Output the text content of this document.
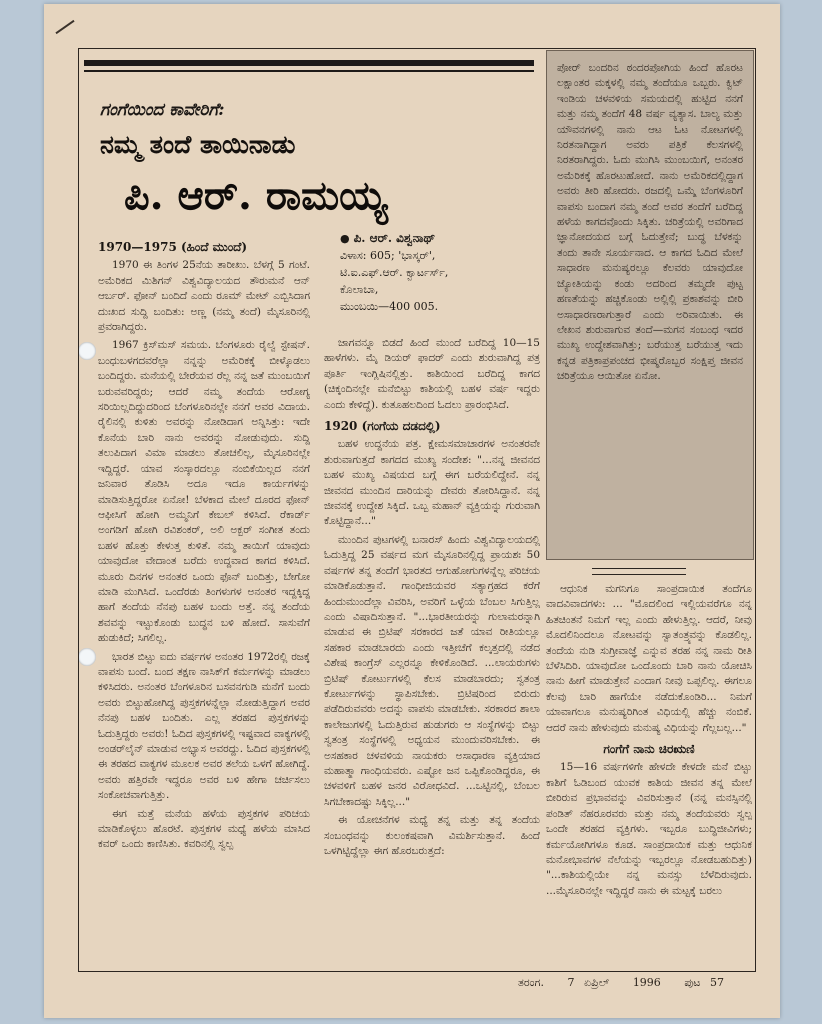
ಗಂಗೆಯಿಂದ ಕಾವೇರಿಗೆ:

ನಮ್ಮ ತಂದೆ ತಾಯಿನಾಡು

ಪಿ. ಆರ್. ರಾಮಯ್ಯ

● ಪಿ. ಆರ್. ವಿಶ್ವನಾಥ್
ವಿಳಾಸ: 605; 'ಭಾಸ್ಕರ್',
ಟಿ.ಐ.ಎಫ್.ಆರ್. ಕ್ವಾರ್ಟರ್ಸ್,
ಕೊಲಾಬಾ,
ಮುಂಬಯಿ—400 005.

1970—1975 (ಹಿಂದೆ ಮುಂದೆ)

1970 ಈ ತಿಂಗಳ 25ನೆಯ ತಾರೀಖು. ಬೆಳಗ್ಗೆ 5 ಗಂಟೆ. ಅಮೆರಿಕದ ಮಿಶಿಗನ್ ವಿಶ್ವವಿದ್ಯಾಲಯದ ತೌರುಮನೆ ಆನ್ ಆರ್ಬರ್. ಫೋನ್ ಬಂದಿದೆ ಎಂದು ರೂಮ್ ಮೇಟ್ ಎಬ್ಬಿಸಿದಾಗ ದುಃಖದ ಸುದ್ದಿ ಬಂದಿತು: ಅಣ್ಣ (ನಮ್ಮ ತಂದೆ) ಮೈಸೂರಿನಲ್ಲಿ ಪ್ರವರಾಗಿದ್ದರು.

1967 ಕ್ರಿಸ್‌ಮಸ್ ಸಮಯ. ಬೆಂಗಳೂರು ರೈಲ್ವೆ ಸ್ಟೇಷನ್. ಬಂಧುಬಳಗದವರೆಲ್ಲಾ ನನ್ನನ್ನು ಅಮೆರಿಕಕ್ಕೆ ಬೀಳ್ಕೊಡಲು ಬಂದಿದ್ದರು. ಮನೆಯಲ್ಲಿ ಬೇರೆಯವ ರೆಲ್ಲ ನನ್ನ ಜತೆ ಮುಂಬಯಿಗೆ ಬರುವವರಿದ್ದರು; ಆದರೆ ನಮ್ಮ ತಂದೆಯ ಆರೋಗ್ಯ ಸರಿಯಿಲ್ಲದಿದ್ದುದರಿಂದ ಬೆಂಗಳೂರಿನಲ್ಲೇ ನನಗೆ ಅವರ ವಿದಾಯ. ರೈಲಿನಲ್ಲಿ ಕುಳಿತು ಅವರನ್ನು ನೋಡಿದಾಗ ಅನ್ನಿಸಿತ್ತು: ಇದೇ ಕೊನೆಯ ಬಾರಿ ನಾನು ಅವರನ್ನು ನೋಡುವುದು. ಸುದ್ದಿ ತಲುಪಿದಾಗ ವಿಮಾ ಮಾಡಲು ತೋಚಲಿಲ್ಲ, ಮೈಸೂರಿನಲ್ಲೇ ಇದ್ದಿದ್ದರೆ. ಯಾವ ಸಂಸ್ಕಾರದಲ್ಲೂ ನಂಬಿಕೆಯಿಲ್ಲದ ನನಗೆ ಜನಿವಾರ ತೊಡಿಸಿ ಅದೂ ಇದೂ ಕಾರ್ಯಗಳನ್ನು ಮಾಡಿಸುತ್ತಿದ್ದರೋ ಏನೋ! ಬೆಳಕಾದ ಮೇಲೆ ದೂರದ ಫೋನ್ ಆಫೀಸಿಗೆ ಹೋಗಿ ಅಮ್ಮನಿಗೆ ಕೇಬಲ್ ಕಳಿಸಿದೆ. ರೆಕಾರ್ಡ್ ಅಂಗಡಿಗೆ ಹೋಗಿ ರವಿಶಂಕರ್, ಅಲಿ ಅಕ್ಬರ್ ಸಂಗೀತ ತಂದು ಬಹಳ ಹೊತ್ತು ಕೇಳುತ್ತ ಕುಳಿತೆ. ನಮ್ಮ ತಾಯಿಗೆ ಯಾವುದು ಯಾವುದೋ ವೇದಾಂತ ಬರೆದು ಉದ್ದವಾದ ಕಾಗದ ಕಳಿಸಿದೆ. ಮೂರು ದಿನಗಳ ಅನಂತರ ಒಂದು ಫೊನ್ ಬಂದಿತ್ತು, ಬೇಗೋ ಮಾಡಿ ಮುಗಿಸಿದೆ. ಒಂದೆರಡು ತಿಂಗಳುಗಳ ಅನಂತರ ಇದ್ದಕ್ಕಿದ್ದ ಹಾಗೆ ತಂದೆಯ ನೆನಪು ಬಹಳ ಬಂದು ಅತ್ತೆ. ನನ್ನ ತಂದೆಯ ಶವವನ್ನು ಇಟ್ಟುಕೊಂಡು ಬುದ್ಧನ ಬಳಿ ಹೋದೆ. ಸಾಸುವೆಗೆ ಹುಡುಕಿದೆ; ಸಿಗಲಿಲ್ಲ.

ಭಾರತ ಬಿಟ್ಟು ಐದು ವರ್ಷಗಳ ಅನಂತರ 1972ರಲ್ಲಿ ರಜಕ್ಕೆ ವಾಪಸು ಬಂದೆ. ಬಂದ ತಕ್ಷಣ ನಾಸಿಕ್‌ಗೆ ಕರ್ಮಗಳನ್ನು ಮಾಡಲು ಕಳಿಸಿದರು. ಅನಂತರ ಬೆಂಗಳೂರಿನ ಬಸವನಗುಡಿ ಮನೆಗೆ ಬಂದು ಅವರು ಬಿಟ್ಟುಹೋಗಿದ್ದ ಪುಸ್ತಕಗಳನ್ನೆಲ್ಲಾ ನೋಡುತ್ತಿದ್ದಾಗ ಅವರ ನೆನಪು ಬಹಳ ಬಂದಿತು. ಎಲ್ಲ ತರಹದ ಪುಸ್ತಕಗಳನ್ನು ಓದುತ್ತಿದ್ದರು ಅವರು! ಓದಿದ ಪುಸ್ತಕಗಳಲ್ಲಿ ಇಷ್ಟವಾದ ವಾಕ್ಯಗಳಲ್ಲಿ ಅಂಡರ್‌ಲೈನ್ ಮಾಡುವ ಅಭ್ಯಾಸ ಅವರದ್ದು. ಓದಿದ ಪುಸ್ತಕಗಳಲ್ಲಿ ಈ ತರಹದ ವಾಕ್ಯಗಳ ಮೂಲಕ ಅವರ ತಲೆಯ ಒಳಗೆ ಹೋಗಿದ್ದೆ. ಅವರು ಹತ್ತಿರವೇ ಇದ್ದರೂ ಅವರ ಬಳಿ ಹೇಗಾ ಚರ್ಚಿಸಲು ಸಂಕೋಚವಾಗುತ್ತಿತ್ತು.

ಈಗ ಮತ್ತೆ ಮನೆಯ ಹಳೆಯ ಪುಸ್ತಕಗಳ ಪರಿಚಯ ಮಾಡಿಕೊಳ್ಳಲು ಹೊರಟೆ. ಪುಸ್ತಕಗಳ ಮಧ್ಯೆ ಹಳೆಯ ಮಾಸಿದ ಕವರ್ ಒಂದು ಕಾಣಿಸಿತು. ಕವರಿನಲ್ಲಿ ಸ್ವಲ್ಪ

ಜಾಗವನ್ನೂ ಬಿಡದೆ ಹಿಂದೆ ಮುಂದೆ ಬರೆದಿದ್ದ 10—15 ಹಾಳೆಗಳು. ಮೈ ಡಿಯರ್ ಫಾದರ್ ಎಂದು ಶುರುವಾಗಿದ್ದ ಪತ್ರ ಪೂರ್ತಿ ಇಂಗ್ಲಿಷಿನಲ್ಲಿತ್ತು. ಕಾಶಿಯಿಂದ ಬರೆದಿದ್ದ ಕಾಗದ (ಚಿಕ್ಕಂದಿನಲ್ಲೇ ಮನೆಬಿಟ್ಟು ಕಾಶಿಯಲ್ಲಿ ಬಹಳ ವರ್ಷ ಇದ್ದರು ಎಂದು ಕೇಳಿದ್ದೆ). ಕುತೂಹಲದಿಂದ ಓದಲು ಪ್ರಾರಂಭಿಸಿದೆ.

1920 (ಗಂಗೆಯ ದಡದಲ್ಲಿ)

ಬಹಳ ಉದ್ದನೆಯ ಪತ್ರ. ಕ್ಷೇಮಸಮಾಚಾರಗಳ ಅನಂತರವೇ ಶುರುವಾಗುತ್ತದೆ ಕಾಗದದ ಮುಖ್ಯ ಸಂದೇಶ: "...ನನ್ನ ಜೀವನದ ಬಹಳ ಮುಖ್ಯ ವಿಷಯದ ಬಗ್ಗೆ ಈಗ ಬರೆಯಲಿದ್ದೇನೆ. ನನ್ನ ಜೀವನದ ಮುಂದಿನ ದಾರಿಯನ್ನು ದೇವರು ತೋರಿಸಿದ್ದಾನೆ. ನನ್ನ ಜೀವನಕ್ಕೆ ಉದ್ದೇಶ ಸಿಕ್ಕಿದೆ. ಒಬ್ಬ ಮಹಾನ್ ವ್ಯಕ್ತಿಯನ್ನು ಗುರುವಾಗಿ ಕೊಟ್ಟಿದ್ದಾನೆ..."

ಮುಂದಿನ ಪುಟಗಳಲ್ಲಿ ಬನಾರಸ್ ಹಿಂದು ವಿಶ್ವವಿದ್ಯಾಲಯದಲ್ಲಿ ಓದುತ್ತಿದ್ದ 25 ವರ್ಷದ ಮಗ ಮೈಸೂರಿನಲ್ಲಿದ್ದ ಪ್ರಾಯಶಃ 50 ವರ್ಷಗಳ ತನ್ನ ತಂದೆಗೆ ಭಾರತದ ಆಗುಹೋಗುಗಳನ್ನೆಲ್ಲ ಪರಿಚಯ ಮಾಡಿಕೊಡುತ್ತಾನೆ. ಗಾಂಧೀಜಿಯವರ ಸತ್ಯಾಗ್ರಹದ ಕರೆಗೆ ಹಿಂದುಮುಂದೆಲ್ಲಾ ವಿವರಿಸಿ, ಅವರಿಗೆ ಒಳ್ಳೆಯ ಬೆಂಬಲ ಸಿಗುತ್ತಿಲ್ಲ ಎಂದು ವಿಷಾದಿಸುತ್ತಾನೆ. "...ಭಾರತೀಯರನ್ನು ಗುಲಾಮರನ್ನಾಗಿ ಮಾಡುವ ಈ ಬ್ರಿಟಿಷ್ ಸರಕಾರದ ಜತೆ ಯಾವ ರೀತಿಯಲ್ಲೂ ಸಹಕಾರ ಮಾಡಬಾರದು ಎಂದು ಇತ್ತೀಚೆಗೆ ಕಲ್ಕತ್ತದಲ್ಲಿ ನಡೆದ ವಿಶೇಷ ಕಾಂಗ್ರೆಸ್ ಎಲ್ಲರನ್ನೂ ಕೇಳಿಕೊಂಡಿದೆ. ...ಲಾಯರುಗಳು ಬ್ರಿಟಿಷ್ ಕೋರ್ಟುಗಳಲ್ಲಿ ಕೆಲಸ ಮಾಡಬಾರದು; ಸ್ವತಂತ್ರ ಕೋರ್ಟುಗಳನ್ನು ಸ್ಥಾಪಿಸಬೇಕು. ಬ್ರಿಟಿಷರಿಂದ ಬಿರುದು ಪಡೆದಿರುವವರು ಅದನ್ನು ವಾಪಸು ಮಾಡಬೇಕು. ಸರಕಾರದ ಶಾಲಾ ಕಾಲೇಜುಗಳಲ್ಲಿ ಓದುತ್ತಿರುವ ಹುಡುಗರು ಆ ಸಂಸ್ಥೆಗಳನ್ನು ಬಿಟ್ಟು ಸ್ವತಂತ್ರ ಸಂಸ್ಥೆಗಳಲ್ಲಿ ಅಧ್ಯಯನ ಮುಂದುವರಿಸಬೇಕು. ಈ ಅಸಹಕಾರ ಚಳವಳಿಯ ನಾಯಕರು ಅಸಾಧಾರಣ ವ್ಯಕ್ತಿಯಾದ ಮಹಾತ್ಮಾ ಗಾಂಧಿಯವರು. ಎಷ್ಟೋ ಜನ ಒಪ್ಪಿಕೊಂಡಿದ್ದರೂ, ಈ ಚಳವಳಿಗೆ ಬಹಳ ಜನರ ವಿರೋಧವಿದೆ. ...ಒಟ್ಟಿನಲ್ಲಿ, ಬೆಂಬಲ ಸಿಗಬೇಕಾದಷ್ಟು ಸಿಕ್ಕಿಲ್ಲ..."

ಈ ಯೋಚನೆಗಳ ಮಧ್ಯೆ ತನ್ನ ಮತ್ತು ತನ್ನ ತಂದೆಯ ಸಂಬಂಧವನ್ನು ಕುಲಂಕಷವಾಗಿ ವಿಮರ್ಶಿಸುತ್ತಾನೆ. ಹಿಂದೆ ಒಳಗಿಟ್ಟಿದ್ದೆಲ್ಲಾ ಈಗ ಹೊರಬರುತ್ತದೆ:

ಪೋರ್ ಬಂದರಿನ ಠಂದರಪೋಗಿಯ ಹಿಂದೆ ಹೊರಟ ಲಕ್ಷಾಂತರ ಮಕ್ಕಳಲ್ಲಿ ನಮ್ಮ ತಂದೆಯೂ ಒಬ್ಬರು. ಕ್ವಿಟ್ ಇಂಡಿಯ ಚಳವಳಿಯ ಸಮಯದಲ್ಲಿ ಹುಟ್ಟಿದ ನನಗೆ ಮತ್ತು ನಮ್ಮ ತಂದೆಗೆ 48 ವರ್ಷ ವ್ಯತ್ಯಾಸ. ಬಾಲ್ಯ ಮತ್ತು ಯೌವನಗಳಲ್ಲಿ ನಾನು ಆಟ ಓಟ ನೋಟಗಳಲ್ಲಿ ನಿರತನಾಗಿದ್ದಾಗ ಅವರು ಪತ್ರಿಕೆ ಕೆಲಸಗಳಲ್ಲಿ ನಿರತರಾಗಿದ್ದರು. ಓದು ಮುಗಿಸಿ ಮುಂಬಯಿಗೆ, ಅನಂತರ ಅಮೆರಿಕಕ್ಕೆ ಹೊರಟುಹೋದೆ. ನಾನು ಅಮೆರಿಕದಲ್ಲಿದ್ದಾಗ ಅವರು ತೀರಿ ಹೋದರು. ರಜದಲ್ಲಿ ಒಮ್ಮೆ ಬೆಂಗಳೂರಿಗೆ ವಾಪಸು ಬಂದಾಗ ನಮ್ಮ ತಂದೆ ಅವರ ತಂದೆಗೆ ಬರೆದಿದ್ದ ಹಳೆಯ ಕಾಗದವೊಂದು ಸಿಕ್ಕಿತು. ಚರಿತ್ರೆಯಲ್ಲಿ ಅವರಿಗಾದ ಜ್ಞಾನೋದಯದ ಬಗ್ಗೆ ಓದುತ್ತೇನೆ; ಬುದ್ಧ ಬೆಳಕನ್ನು ತಂದು ತಾನೇ ಸೂರ್ಯನಾದ. ಆ ಕಾಗದ ಓದಿದ ಮೇಲೆ ಸಾಧಾರಣ ಮನುಷ್ಯರಲ್ಲೂ ಕೆಲವರು ಯಾವುದೋ ಜ್ಯೋತಿಯನ್ನು ಕಂಡು ಅದರಿಂದ ತಮ್ಮದೇ ಪುಟ್ಟ ಹಣತೆಯನ್ನು ಹಚ್ಚಿಕೊಂಡು ಅಲ್ಲಿಲ್ಲಿ ಪ್ರಕಾಶವನ್ನು ಬೀರಿ ಅಸಾಧಾರಣರಾಗುತ್ತಾರೆ ಎಂದು ಅರಿವಾಯಿತು. ಈ ಲೇಖನ ಶುರುವಾಗುವ ತಂದೆ—ಮಗನ ಸಂಬಂಧ ಇದರ ಮುಖ್ಯ ಉದ್ದೇಶವಾಗಿತ್ತು; ಬರೆಯುತ್ತ ಬರೆಯುತ್ತ ಇದು ಕನ್ನಡ ಪತ್ರಿಕಾಪ್ರಪಂಚದ ಭೀಷ್ಮರೊಬ್ಬರ ಸಂಕ್ಷಿಪ್ತ ಜೀವನ ಚರಿತ್ರೆಯೂ ಆಯಿತೋ ಏನೋ.

ಆಧುನಿಕ ಮಗನಿಗೂ ಸಾಂಪ್ರದಾಯಿಕ ತಂದೆಗೂ ವಾದವಿವಾದಗಳು: ... "ಮೊದಲಿಂದ ಇಲ್ಲಿಯವರೆಗೂ ನನ್ನ ಹಿತಚಿಂತನೆ ನಿಮಗೆ ಇಲ್ಲ ಎಂದು ಹೇಳುತ್ತಿಲ್ಲ. ಆದರೆ, ನೀವು ಮೊದಲಿನಿಂದಲೂ ನೋಟವನ್ನು ಸ್ವಾತಂತ್ರ್ಯವನ್ನು ಕೊಡಲಿಲ್ಲ. ತಂದೆಯ ನುಡಿ ಸುಗ್ರೀವಾಜ್ಞೆ ಎನ್ನುವ ತರಹ ನನ್ನ ನಾಮ ರೀತಿ ಬೆಳೆಸಿದಿರಿ. ಯಾವುದೋ ಒಂದೊಂದು ಬಾರಿ ನಾನು ಯೋಚಿಸಿ ನಾನು ಹೀಗೆ ಮಾಡುತ್ತೇನೆ ಎಂದಾಗ ನೀವು ಒಪ್ಪಲಿಲ್ಲ. ಈಗಲೂ ಕೆಲವು ಬಾರಿ ಹಾಗೆಯೇ ನಡೆದುಕೊಂಡಿರಿ... ನಿಮಗೆ ಯಾವಾಗಲೂ ಮನುಷ್ಯರಿಗಿಂತ ವಿಧಿಯಲ್ಲಿ ಹೆಚ್ಚು ನಂಬಿಕೆ. ಆದರೆ ನಾನು ಹೇಳುವುದು ಮನುಷ್ಯ ವಿಧಿಯನ್ನು ಗೆಲ್ಲಬಲ್ಲ..."

ಗಂಗೆಗೆ ನಾನು ಚಿರಋಣಿ

15—16 ವರ್ಷಗಳಿಗೇ ಹೇಳದೇ ಕೇಳದೇ ಮನೆ ಬಿಟ್ಟು ಕಾಶಿಗೆ ಓಡಿಬಂದ ಯುವಕ ಕಾಶಿಯ ಜೀವನ ತನ್ನ ಮೇಲೆ ಬೀರಿರುವ ಪ್ರಭಾವವನ್ನು ವಿವರಿಸುತ್ತಾನೆ (ನನ್ನ ಮನಸ್ಸಿನಲ್ಲಿ ಪಂಡಿತ್ ನೆಹರೂರವರು ಮತ್ತು ನಮ್ಮ ತಂದೆಯವರು ಸ್ವಲ್ಪ ಒಂದೇ ತರಹದ ವ್ಯಕ್ತಿಗಳು. ಇಬ್ಬರೂ ಬುದ್ಧಿಜೀವಿಗಳು; ಕರ್ಮಯೋಗಿಗಳೂ ಕೂಡ. ಸಾಂಪ್ರದಾಯಿಕ ಮತ್ತು ಆಧುನಿಕ ಮನೋಭಾವಗಳ ನೆಲೆಯನ್ನು ಇಬ್ಬರಲ್ಲೂ ನೋಡಬಹುದಿತ್ತು) "...ಕಾಶಿಯಲ್ಲಿಯೇ ನನ್ನ ಮನಸ್ಸು ಬೆಳೆದಿರುವುದು. ...ಮೈಸೂರಿನಲ್ಲೇ ಇದ್ದಿದ್ದರೆ ನಾನು ಈ ಮಟ್ಟಕ್ಕೆ ಬರಲು

ತರಂಗ. 7 ಏಪ್ರಿಲ್ 1996 ಪುಟ 57
